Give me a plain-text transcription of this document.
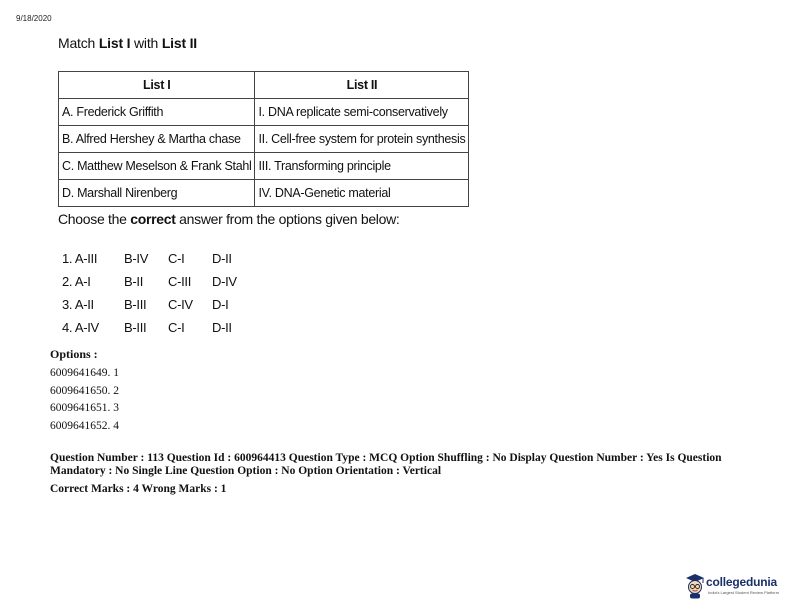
9/18/2020
Match List I with List II
List I	List II
A. Frederick Griffith	I. DNA replicate semi-conservatively
B. Alfred Hershey & Martha chase	II. Cell-free system for protein synthesis
C. Matthew Meselson & Frank Stahl	III. Transforming principle
D. Marshall Nirenberg	IV. DNA-Genetic material
Choose the correct answer from the options given below:
1. A-III B-IV C-I D-II
2. A-I	B-II C-III D-IV
3. A-II B-III C-IV D-I
4. A-IV B-III C-I D-II
Options :
6009641649. 1
6009641650. 2
6009641651. 3
6009641652. 4
Question Number : 113 Question Id : 600964413 Question Type : MCQ Option Shuffling : No Display Question Number : Yes Is Question Mandatory : No Single Line Question Option : No Option Orientation : Vertical
Correct Marks : 4 Wrong Marks : 1
collegedunia
India's Largest Student Review Platform
